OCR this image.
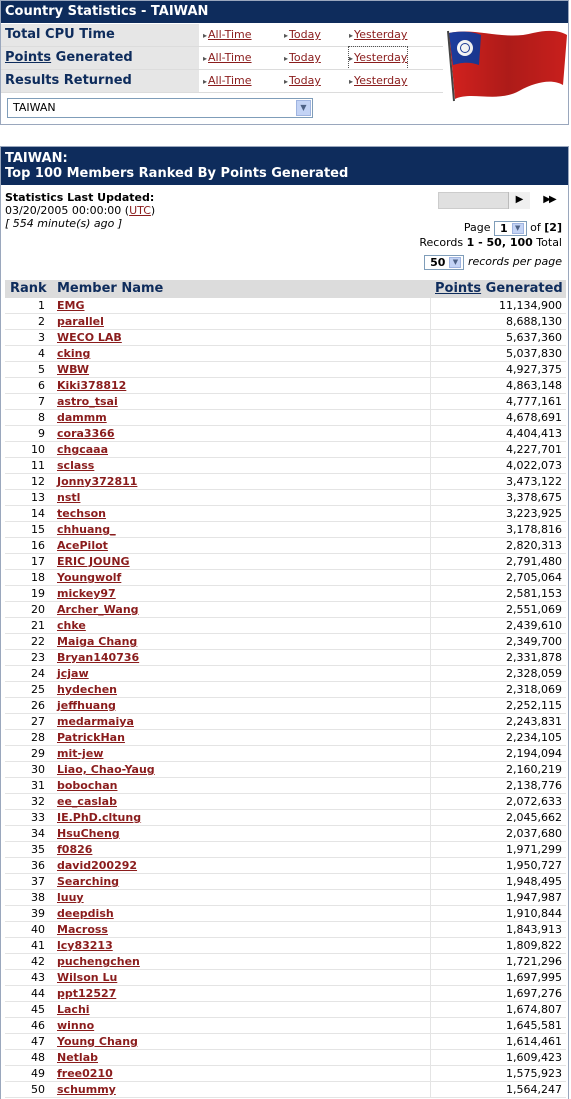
Country Statistics - TAIWAN
Total CPU Time	▸All-Time	▸Today	▸Yesterday
Points Generated	▸All-Time	▸Today	▸Yesterday
Results Returned	▸All-Time	▸Today	▸Yesterday
TAIWAN	▼
TAIWAN:
Top 100 Members Ranked By Points Generated
Statistics Last Updated:
03/20/2005 00:00:00 (UTC)
[ 554 minute(s) ago ]
▶	▶▶
Page 1 ▼ of [2]
Records 1 - 50, 100 Total
50 ▼ records per page
Rank Member Name	Points Generated
1 EMG	11,134,900
2 parallel	8,688,130
3 WECO LAB	5,637,360
4 cking	5,037,830
5 WBW	4,927,375
6 Kiki378812	4,863,148
7 astro_tsai	4,777,161
8 dammm	4,678,691
9 cora3366	4,404,413
10 chgcaaa	4,227,701
11 sclass	4,022,073
12 Jonny372811	3,473,122
13 nstl	3,378,675
14 techson	3,223,925
15 chhuang_	3,178,816
16 AcePilot	2,820,313
17 ERIC JOUNG	2,791,480
18 Youngwolf	2,705,064
19 mickey97	2,581,153
20 Archer_Wang	2,551,069
21 chke	2,439,610
22 Maiga Chang	2,349,700
23 Bryan140736	2,331,878
24 jcjaw	2,328,059
25 hydechen	2,318,069
26 jeffhuang	2,252,115
27 medarmaiya	2,243,831
28 PatrickHan	2,234,105
29 mit-jew	2,194,094
30 Liao, Chao-Yaug	2,160,219
31 bobochan	2,138,776
32 ee_caslab	2,072,633
33 IE.PhD.cltung	2,045,662
34 HsuCheng	2,037,680
35 f0826	1,971,299
36 david200292	1,950,727
37 Searching	1,948,495
38 luuy	1,947,987
39 deepdish	1,910,844
40 Macross	1,843,913
41 lcy83213	1,809,822
42 puchengchen	1,721,296
43 Wilson Lu	1,697,995
44 ppt12527	1,697,276
45 Lachi	1,674,807
46 winno	1,645,581
47 Young Chang	1,614,461
48 Netlab	1,609,423
49 free0210	1,575,923
50 schummy	1,564,247
